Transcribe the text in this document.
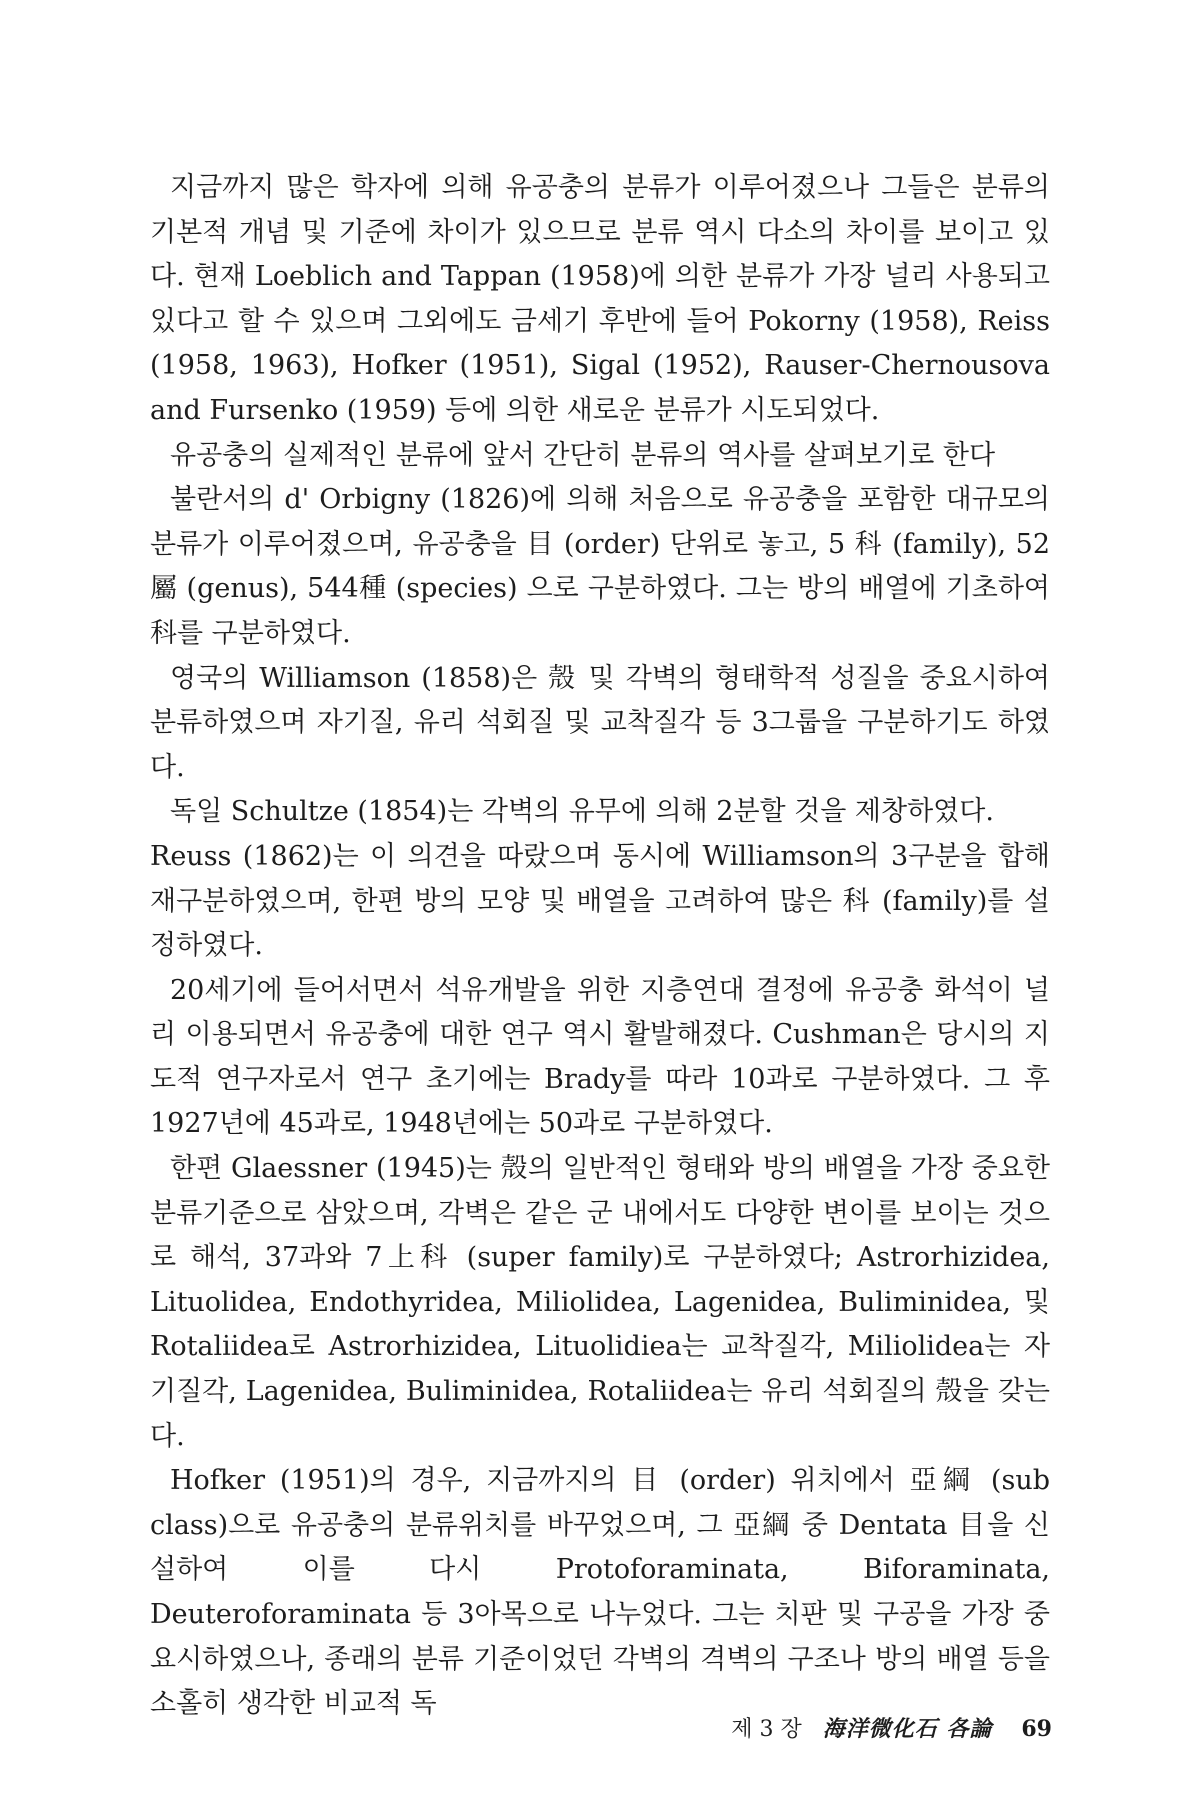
지금까지 많은 학자에 의해 유공충의 분류가 이루어졌으나 그들은 분류의 기본적 개념 및 기준에 차이가 있으므로 분류 역시 다소의 차이를 보이고 있다. 현재 Loeblich and Tappan (1958)에 의한 분류가 가장 널리 사용되고 있다고 할 수 있으며 그외에도 금세기 후반에 들어 Pokorny (1958), Reiss (1958, 1963), Hofker (1951), Sigal (1952), Rauser-Chernousova and Fursenko (1959) 등에 의한 새로운 분류가 시도되었다.

유공충의 실제적인 분류에 앞서 간단히 분류의 역사를 살펴보기로 한다

불란서의 d' Orbigny (1826)에 의해 처음으로 유공충을 포함한 대규모의 분류가 이루어졌으며, 유공충을 目 (order) 단위로 놓고, 5 科 (family), 52屬 (genus), 544種 (species) 으로 구분하였다. 그는 방의 배열에 기초하여 科를 구분하였다.

영국의 Williamson (1858)은 殼 및 각벽의 형태학적 성질을 중요시하여 분류하였으며 자기질, 유리 석회질 및 교착질각 등 3그룹을 구분하기도 하였다.

독일 Schultze (1854)는 각벽의 유무에 의해 2분할 것을 제창하였다.

Reuss (1862)는 이 의견을 따랐으며 동시에 Williamson의 3구분을 합해 재구분하였으며, 한편 방의 모양 및 배열을 고려하여 많은 科 (family)를 설정하였다.

20세기에 들어서면서 석유개발을 위한 지층연대 결정에 유공충 화석이 널리 이용되면서 유공충에 대한 연구 역시 활발해졌다. Cushman은 당시의 지도적 연구자로서 연구 초기에는 Brady를 따라 10과로 구분하였다. 그 후 1927년에 45과로, 1948년에는 50과로 구분하였다.

한편 Glaessner (1945)는 殼의 일반적인 형태와 방의 배열을 가장 중요한 분류기준으로 삼았으며, 각벽은 같은 군 내에서도 다양한 변이를 보이는 것으로 해석, 37과와 7上科 (super family)로 구분하였다; Astrorhizidea, Lituolidea, Endothyridea, Miliolidea, Lagenidea, Buliminidea, 및 Rotaliidea로 Astrorhizidea, Lituolidiea는 교착질각, Miliolidea는 자기질각, Lagenidea, Buliminidea, Rotaliidea는 유리 석회질의 殼을 갖는다.

Hofker (1951)의 경우, 지금까지의 目 (order) 위치에서 亞綱 (sub class)으로 유공충의 분류위치를 바꾸었으며, 그 亞綱 중 Dentata 目을 신설하여 이를 다시 Protoforaminata, Biforaminata, Deuteroforaminata 등 3아목으로 나누었다. 그는 치판 및 구공을 가장 중요시하였으나, 종래의 분류 기준이었던 각벽의 격벽의 구조나 방의 배열 등을 소홀히 생각한 비교적 독

제 3 장 海洋微化石 各論 69
